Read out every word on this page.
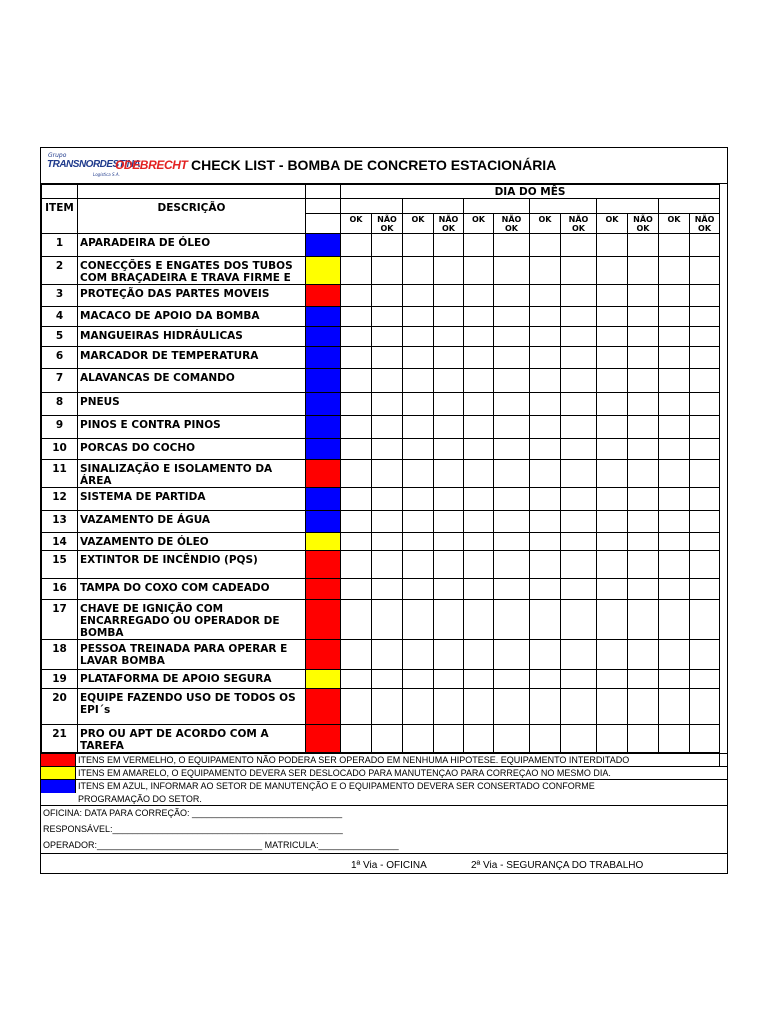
Grupo
TRANSNORDESTINA
ODEBRECHT
Logística S.A.
CHECK LIST - BOMBA DE CONCRETO ESTACIONÁRIA
			DIA DO MÊS											
ITEM	DESCRIÇÃO													
			OK	NÃO OK	OK	NÃO OK	OK	NÃO OK	OK	NÃO OK	OK	NÃO OK	OK	NÃO OK
1	APARADEIRA DE ÓLEO													
2	CONECÇÕES E ENGATES DOS TUBOS COM BRAÇADEIRA E TRAVA FIRME E													
3	PROTEÇÃO DAS PARTES MOVEIS													
4	MACACO DE APOIO DA BOMBA													
5	MANGUEIRAS HIDRÁULICAS													
6	MARCADOR DE TEMPERATURA													
7	ALAVANCAS DE COMANDO													
8	PNEUS													
9	PINOS E CONTRA PINOS													
10	PORCAS DO COCHO													
11	SINALIZAÇÃO E ISOLAMENTO DA ÁREA													
12	SISTEMA DE PARTIDA													
13	VAZAMENTO DE ÁGUA													
14	VAZAMENTO DE ÓLEO													
15	EXTINTOR DE INCÊNDIO (PQS)													
16	TAMPA DO COXO COM CADEADO													
17	CHAVE DE IGNIÇÃO COM ENCARREGADO OU OPERADOR DE BOMBA													
18	PESSOA TREINADA PARA OPERAR E LAVAR BOMBA													
19	PLATAFORMA DE APOIO SEGURA													
20	EQUIPE FAZENDO USO DE TODOS OS EPI´s													
21	PRO OU APT DE ACORDO COM A TAREFA													

ITENS EM VERMELHO, O EQUIPAMENTO NÃO PODERA SER OPERADO EM NENHUMA HIPOTESE. EQUIPAMENTO INTERDITADO
ITENS EM AMARELO, O EQUIPAMENTO DEVERA SER DESLOCADO PARA MANUTENÇAO PARA CORREÇAO NO MESMO DIA.
ITENS EM AZUL, INFORMAR AO SETOR DE MANUTENÇÃO E O EQUIPAMENTO DEVERA SER CONSERTADO CONFORME
PROGRAMAÇÃO DO SETOR.
OFICINA: DATA PARA CORREÇÃO: ______________________________
RESPONSÁVEL:______________________________________________
OPERADOR:_________________________________ MATRICULA:________________
1ª Via - OFICINA	2ª Via - SEGURANÇA DO TRABALHO
